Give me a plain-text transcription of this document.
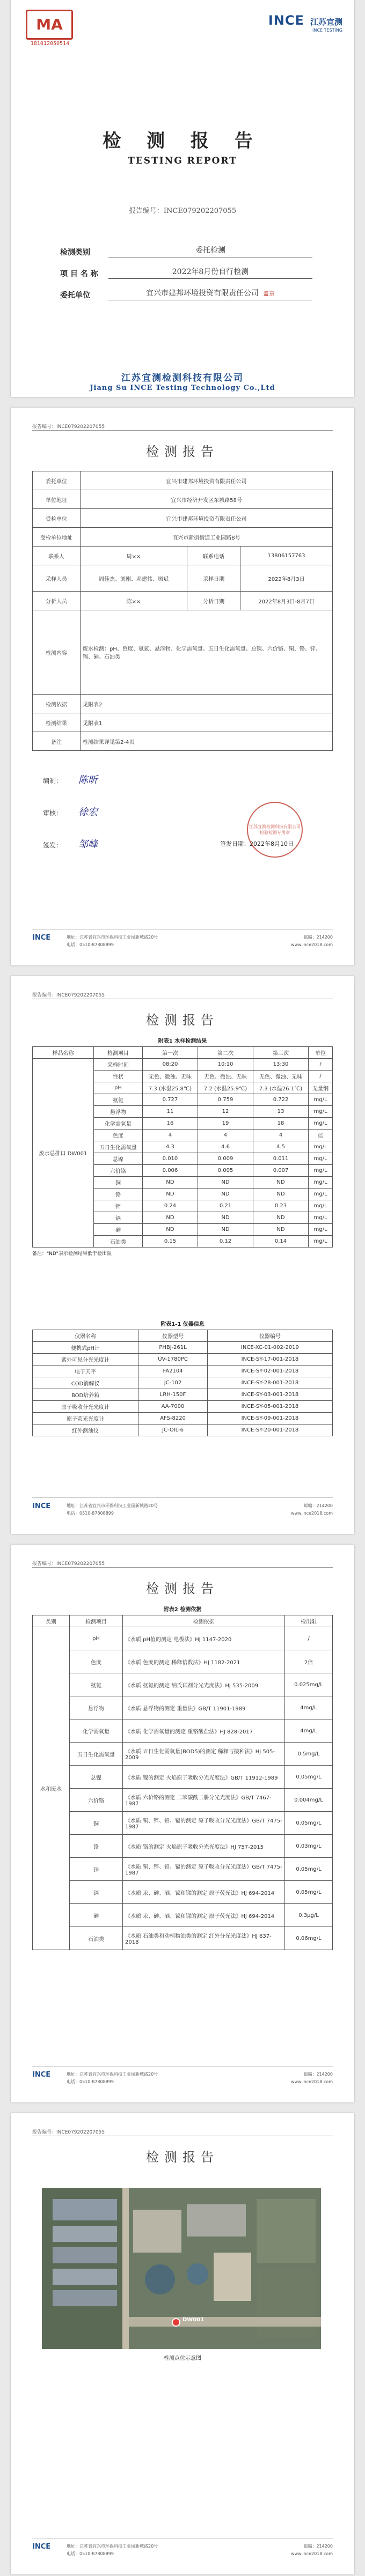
MA
181012050514
INCE 江苏宜测
INCE TESTING
检 测 报 告
TESTING REPORT
报告编号：INCE079202207055
检测类别	委托检测
项 目 名 称	2022年8月份自行检测
委托单位	宜兴市建邦环境投资有限责任公司 盖章
江苏宜测检测科技有限公司
Jiang Su INCE Testing Technology Co.,Ltd
报告编号：INCE079202207055
检测报告
委托单位	宜兴市建邦环境投资有限责任公司		
单位地址	宜兴市经济开发区东城路58号		
受检单位	宜兴市建邦环境投资有限责任公司		
受检单位地址	宜兴市新街街道工业园路8号		
联系人	周××	联系电话	13806157763
采样人员	周佳杰、刘刚、邓建伟、顾斌	采样日期	2022年8月3日
分析人员	陈××	分析日期	2022年8月3日-8月7日
检测内容	废水检测：pH、色度、氨氮、悬浮物、化学需氧量、五日生化需氧量、总镍、六价铬、铜、铬、锌、镉、砷、石油类		
检测依据	见附表2		
检测结果	见附表1		
备注	检测结果详见第2-4页		
编制： 陈昕
审核： 徐宏
签发： 邹峰	签发日期：2022年8月10日
江苏宜测检测科技有限公司 检验检测专用章
INCE	地址：江苏省宜兴市环保科技工业园新城路20号
电话：0510-87808899
邮编：214200
www.ince2018.com
报告编号：INCE079202207055
检测报告
附表1 水样检测结果
样品名称	检测项目	第一次	第二次	第三次	单位
废水总排口 DW001	采样时间	08:20	10:10	13:30	/
	性状	无色、微浊、无味	无色、微浊、无味	无色、微浊、无味	/
	pH	7.3 (水温25.8℃)	7.2 (水温25.9℃)	7.3 (水温26.1℃)	无量纲
	氨氮	0.727	0.759	0.722	mg/L
	悬浮物	11	12	13	mg/L
	化学需氧量	16	19	18	mg/L
	色度	4	4	4	倍
	五日生化需氧量	4.3	4.6	4.5	mg/L
	总镍	0.010	0.009	0.011	mg/L
	六价铬	0.006	0.005	0.007	mg/L
	铜	ND	ND	ND	mg/L
	铬	ND	ND	ND	mg/L
	锌	0.24	0.21	0.23	mg/L
	镉	ND	ND	ND	mg/L
	砷	ND	ND	ND	mg/L
	石油类	0.15	0.12	0.14	mg/L
备注："ND"表示检测结果低于检出限
附表1-1 仪器信息
仪器名称	仪器型号	仪器编号
便携式pH计	PHBJ-261L	INCE-XC-01-002-2019
紫外可见分光光度计	UV-1780PC	INCE-SY-17-001-2018
电子天平	FA2104	INCE-SY-02-001-2018
COD消解仪	JC-102	INCE-SY-28-001-2018
BOD培养箱	LRH-150F	INCE-SY-03-001-2018
原子吸收分光光度计	AA-7000	INCE-SY-05-001-2018
原子荧光光度计	AFS-8220	INCE-SY-09-001-2018
红外测油仪	JC-OIL-6	INCE-SY-20-001-2018
INCE	地址：江苏省宜兴市环保科技工业园新城路20号
电话：0510-87808899
邮编：214200
www.ince2018.com
报告编号：INCE079202207055
检测报告
附表2 检测依据
类别	检测项目	检测依据	检出限
水和废水	pH	《水质 pH值的测定 电极法》HJ 1147-2020	/
	色度	《水质 色度的测定 稀释倍数法》HJ 1182-2021	2倍
	氨氮	《水质 氨氮的测定 纳氏试剂分光光度法》HJ 535-2009	0.025mg/L
	悬浮物	《水质 悬浮物的测定 重量法》GB/T 11901-1989	4mg/L
	化学需氧量	《水质 化学需氧量的测定 重铬酸盐法》HJ 828-2017	4mg/L
	五日生化需氧量	《水质 五日生化需氧量(BOD5)的测定 稀释与接种法》HJ 505-2009	0.5mg/L
	总镍	《水质 镍的测定 火焰原子吸收分光光度法》GB/T 11912-1989	0.05mg/L
	六价铬	《水质 六价铬的测定 二苯碳酰二肼分光光度法》GB/T 7467-1987	0.004mg/L
	铜	《水质 铜、锌、铅、镉的测定 原子吸收分光光度法》GB/T 7475-1987	0.05mg/L
	铬	《水质 铬的测定 火焰原子吸收分光光度法》HJ 757-2015	0.03mg/L
	锌	《水质 铜、锌、铅、镉的测定 原子吸收分光光度法》GB/T 7475-1987	0.05mg/L
	镉	《水质 汞、砷、硒、铋和锑的测定 原子荧光法》HJ 694-2014	0.05mg/L
	砷	《水质 汞、砷、硒、铋和锑的测定 原子荧光法》HJ 694-2014	0.3μg/L
	石油类	《水质 石油类和动植物油类的测定 红外分光光度法》HJ 637-2018	0.06mg/L
INCE	地址：江苏省宜兴市环保科技工业园新城路20号
电话：0510-87808899
邮编：214200
www.ince2018.com
报告编号：INCE079202207055
检测报告
DW001
检测点位示意图
INCE	地址：江苏省宜兴市环保科技工业园新城路20号
电话：0510-87808899
邮编：214200
www.ince2018.com
